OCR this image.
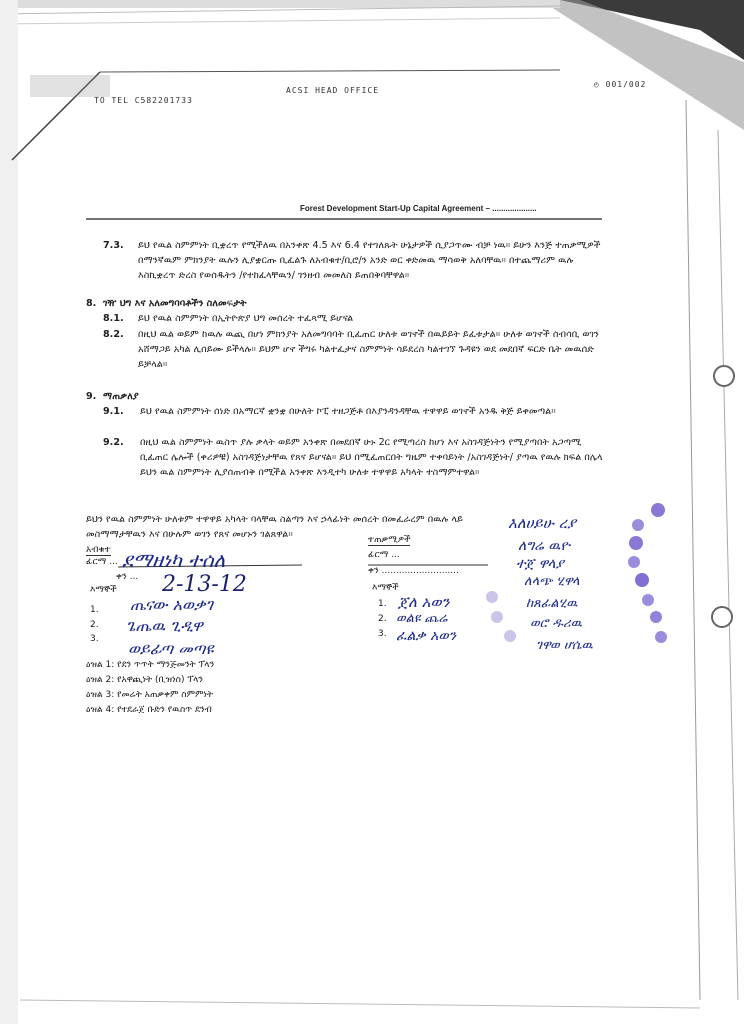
TO TEL C582201733
ACSI HEAD OFFICE
◴ 001/002
Forest Development Start-Up Capital Agreement – ....................
7.3. ይህ የዉል ስምምነት ቢቋረጥ የሚችለዉ በአንቀጽ 4.5 እና 6.4 የተገለጹት ሁኔታዎች ሲያጋጥሙ ብቻ ነዉ። ይሁን እንጅ ተጠቃሚዎች በማንኛዉም ምክንያት ዉሉን ሊያቋርጡ ቢፈልጉ ለአብቁተ/ቢሮ/ን አንድ ወር ቀድመዉ ማሳወቅ አለባቸዉ። በተጨማሪም ዉሉ እስኪቋረጥ ድረስ የወሰዱትን /የተከፈላቸዉን/ ገንዘብ መመለስ ይጠበቅባቸዋል።
8. ገዥ ህግ እና አለመግባባቶችን ስለመፍታት
8.1. ይህ የዉል ስምምነት በኢትዮጵያ ህግ መሰረት ተፈጻሚ ይሆናል
8.2. በዚህ ዉል ወይም ከዉሉ ዉጪ በሆነ ምክንያት አለመግባባት ቢፈጠር ሁለቱ ወገኖች በዉይይት ይፈቱታል። ሁለቱ ወገኖች ሰብሳቢ ወገን አሸማጋይ አካል ሊሰይሙ ይችላሉ። ይህም ሆኖ ችግሩ ካልተፈታና ስምምነት ሳይደረስ ካልተገኘ ጉዳዩን ወደ መደበኛ ፍርድ ቤት መዉሰድ ይቻላል።
9. ማጠቃለያ
9.1. ይህ የዉል ስምምነት ሰነድ በአማርኛ ቋንቋ በሁለት ኮፒ ተዘጋጅቶ በእያንዳንዳቸዉ ተዋዋይ ወገኖች አንዱ ቅጅ ይቀመጣል።
9.2. በዚህ ዉል ስምምነት ዉስጥ ያሉ ቃላት ወይም አንቀጽ በመደበኛ ሁኑ 2ር የሚጣረስ ከሆነ እና አስገዳጅነትን የሚያጣበት አጋጣሚ ቢፈጠር ሌሎች (ቀሪዎቹ) አስገዳጅነታቸዉ የጸና ይሆናል። ይህ በሚፈጠርበት ግዜም ተቀባይነት /አስገዳጅነት/ ያጣዉ የዉሉ ክፍል በሌላ ይህን ዉል ስምምነት ሊያሰጠብቅ በሚችል አንቀጽ እንዲተካ ሁለቱ ተዋዋይ አካላት ተስማምተዋል።
ይህን የዉል ስምምነት ሁለቱም ተዋዋይ አካላት ባላቸዉ ስልጣን እና ኃላፊነት መሰረት በመፈራረም በዉሉ ላይ መስማማታቸዉን እና በሁሉም ወገን የጸና መሆኑን ገልጸዋል።
አብቁተ
ፊርማ ...
ቀን ...
እማኞች
1.
2.
3.
ደማዘነካ ተሰለ
2-13-12
ጤናው አወቃገ
ጌጤዉ ጊዲዋ
ወይፊጣ መጣዩ
ተጠቃሚዎች
ፊርማ ...
ቀን ...........................
እማኞች
1.
2.
3.
ጀለ አወን
ወልዩ ጨሬ
ፈልቃ አወን
እለሀይሁ ረያ
ለግሬ ዉዮ
ተጀ ዋላያ
ለላጭ ሂዋላ
ከጸፊልሂዉ
ወሮ ዱሪዉ
ገዋወ ሆሴዉ
ዕዝል 1: የደን ጥጥት ማንጅመንት ፕላን
ዕዝል 2: የአዋጪነት (ቢዝነስ) ፕላን
ዕዝል 3: የመሬት አጠቃቀም ስምምነት
ዕዝል 4: የተደራጀ ቡድን የዉስጥ ደንብ
